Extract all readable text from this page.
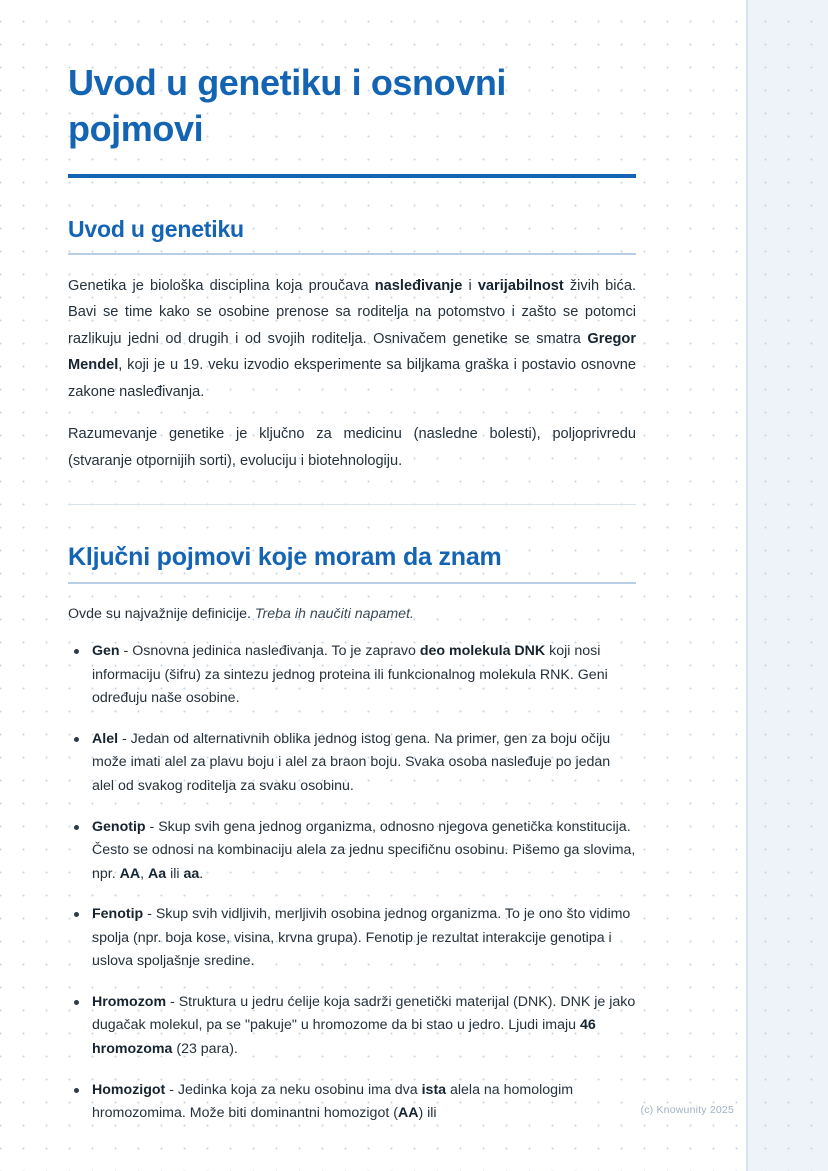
Uvod u genetiku i osnovni pojmovi
Uvod u genetiku

Genetika je biološka disciplina koja proučava nasleđivanje i varijabilnost živih bića. Bavi se time kako se osobine prenose sa roditelja na potomstvo i zašto se potomci razlikuju jedni od drugih i od svojih roditelja. Osnivačem genetike se smatra Gregor Mendel, koji je u 19. veku izvodio eksperimente sa biljkama graška i postavio osnovne zakone nasleđivanja.

Razumevanje genetike je ključno za medicinu (nasledne bolesti), poljoprivredu (stvaranje otpornijih sorti), evoluciju i biotehnologiju.

Ključni pojmovi koje moram da znam

Ovde su najvažnije definicije. Treba ih naučiti napamet.

Gen - Osnovna jedinica nasleđivanja. To je zapravo deo molekula DNK koji nosi informaciju (šifru) za sintezu jednog proteina ili funkcionalnog molekula RNK. Geni određuju naše osobine.
Alel - Jedan od alternativnih oblika jednog istog gena. Na primer, gen za boju očiju može imati alel za plavu boju i alel za braon boju. Svaka osoba nasleđuje po jedan alel od svakog roditelja za svaku osobinu.
Genotip - Skup svih gena jednog organizma, odnosno njegova genetička konstitucija. Često se odnosi na kombinaciju alela za jednu specifičnu osobinu. Pišemo ga slovima, npr. AA, Aa ili aa.
Fenotip - Skup svih vidljivih, merljivih osobina jednog organizma. To je ono što vidimo spolja (npr. boja kose, visina, krvna grupa). Fenotip je rezultat interakcije genotipa i uslova spoljašnje sredine.
Hromozom - Struktura u jedru ćelije koja sadrži genetički materijal (DNK). DNK je jako dugačak molekul, pa se "pakuje" u hromozome da bi stao u jedro. Ljudi imaju 46 hromozoma (23 para).
Homozigot - Jedinka koja za neku osobinu ima dva ista alela na homologim hromozomima. Može biti dominantni homozigot (AA) ili	(c) Knowunity 2025
